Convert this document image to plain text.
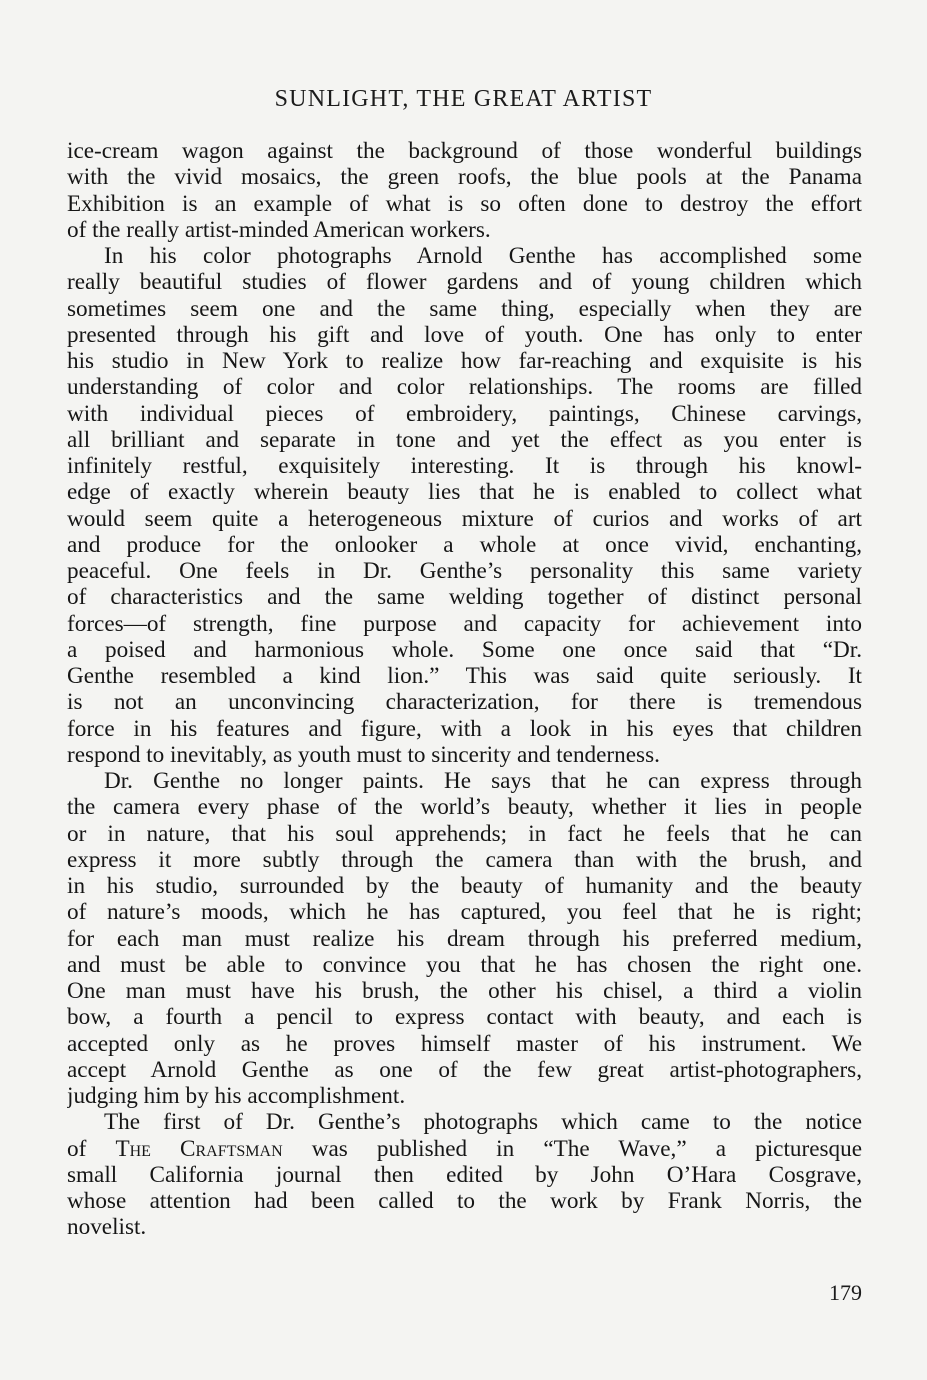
SUNLIGHT, THE GREAT ARTIST
ice-cream wagon against the background of those wonderful buildings
with the vivid mosaics, the green roofs, the blue pools at the Panama
Exhibition is an example of what is so often done to destroy the effort
of the really artist-minded American workers.
In his color photographs Arnold Genthe has accomplished some
really beautiful studies of flower gardens and of young children which
sometimes seem one and the same thing, especially when they are
presented through his gift and love of youth. One has only to enter
his studio in New York to realize how far-reaching and exquisite is his
understanding of color and color relationships. The rooms are filled
with individual pieces of embroidery, paintings, Chinese carvings,
all brilliant and separate in tone and yet the effect as you enter is
infinitely restful, exquisitely interesting. It is through his knowl-
edge of exactly wherein beauty lies that he is enabled to collect what
would seem quite a heterogeneous mixture of curios and works of art
and produce for the onlooker a whole at once vivid, enchanting,
peaceful. One feels in Dr. Genthe’s personality this same variety
of characteristics and the same welding together of distinct personal
forces—of strength, fine purpose and capacity for achievement into
a poised and harmonious whole. Some one once said that “Dr.
Genthe resembled a kind lion.” This was said quite seriously. It
is not an unconvincing characterization, for there is tremendous
force in his features and figure, with a look in his eyes that children
respond to inevitably, as youth must to sincerity and tenderness.
Dr. Genthe no longer paints. He says that he can express through
the camera every phase of the world’s beauty, whether it lies in people
or in nature, that his soul apprehends; in fact he feels that he can
express it more subtly through the camera than with the brush, and
in his studio, surrounded by the beauty of humanity and the beauty
of nature’s moods, which he has captured, you feel that he is right;
for each man must realize his dream through his preferred medium,
and must be able to convince you that he has chosen the right one.
One man must have his brush, the other his chisel, a third a violin
bow, a fourth a pencil to express contact with beauty, and each is
accepted only as he proves himself master of his instrument. We
accept Arnold Genthe as one of the few great artist-photographers,
judging him by his accomplishment.
The first of Dr. Genthe’s photographs which came to the notice
of The Craftsman was published in “The Wave,” a picturesque
small California journal then edited by John O’Hara Cosgrave,
whose attention had been called to the work by Frank Norris, the
novelist.
179
